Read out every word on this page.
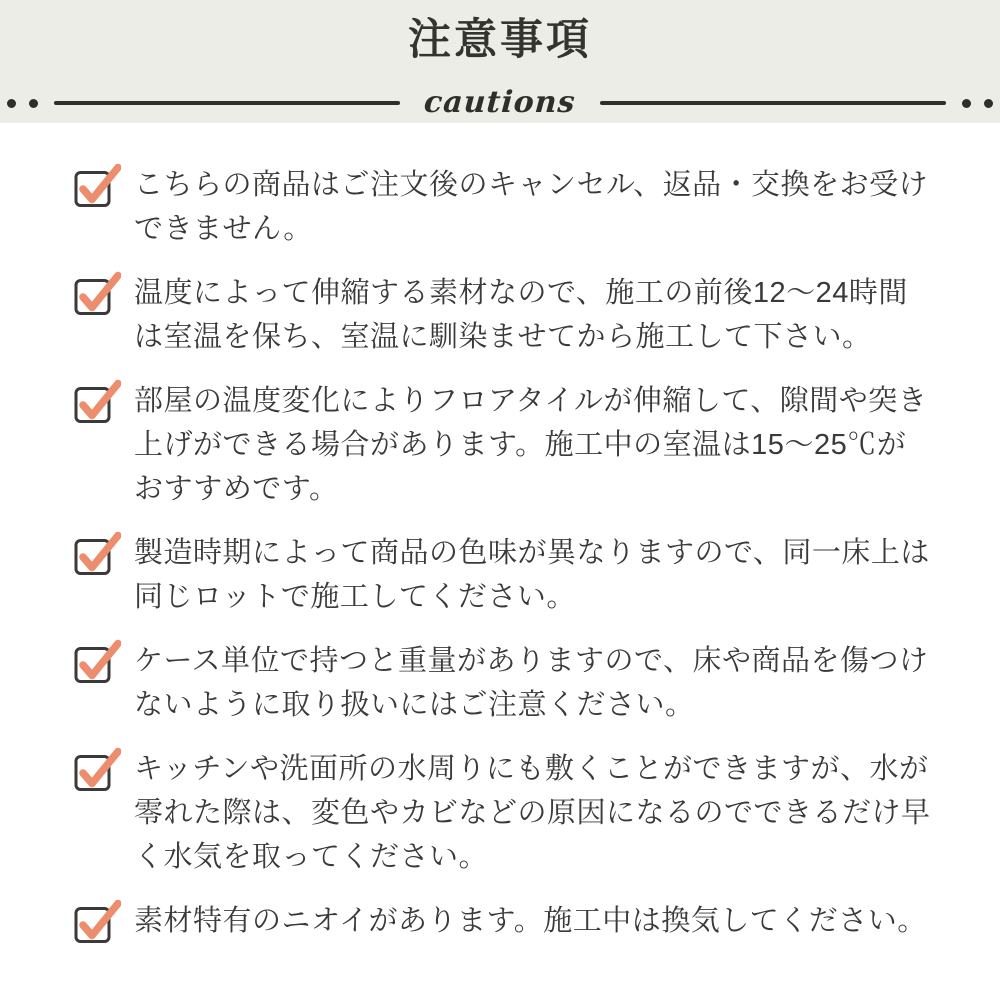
注意事項
cautions
こちらの商品はご注文後のキャンセル、返品・交換をお受けできません。
温度によって伸縮する素材なので、施工の前後12〜24時間は室温を保ち、室温に馴染ませてから施工して下さい。
部屋の温度変化によりフロアタイルが伸縮して、隙間や突き上げができる場合があります。施工中の室温は15〜25℃がおすすめです。
製造時期によって商品の色味が異なりますので、同一床上は同じロットで施工してください。
ケース単位で持つと重量がありますので、床や商品を傷つけないように取り扱いにはご注意ください。
キッチンや洗面所の水周りにも敷くことができますが、水が零れた際は、変色やカビなどの原因になるのでできるだけ早く水気を取ってください。
素材特有のニオイがあります。施工中は換気してください。
